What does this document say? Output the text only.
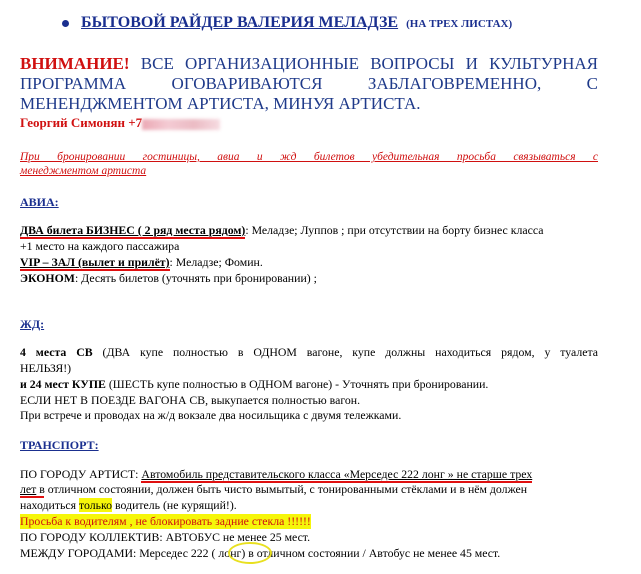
БЫТОВОЙ РАЙДЕР ВАЛЕРИЯ МЕЛАДЗЕ (НА ТРЕХ ЛИСТАХ)
ВНИМАНИЕ! ВСЕ ОРГАНИЗАЦИОННЫЕ ВОПРОСЫ И КУЛЬТУРНАЯ
ПРОГРАММА ОГОВАРИВАЮТСЯ ЗАБЛАГОВРЕМЕННО, С
МЕНЕНДЖМЕНТОМ АРТИСТА, МИНУЯ АРТИСТА.
Георгий Симонян +7
При бронировании гостиницы, авиа и жд билетов убедительная просьба связываться с
менеджментом артиста
АВИА:
ДВА билета БИЗНЕС ( 2 ряд места рядом): Меладзе; Луппов ; при отсутствии на борту бизнес класса
+1 место на каждого пассажира
VIP – ЗАЛ (вылет и прилёт): Меладзе; Фомин.
ЭКОНОМ: Десять билетов (уточнять при бронировании) ;
ЖД:
4 места СВ (ДВА купе полностью в ОДНОМ вагоне, купе должны находиться рядом, у туалета
НЕЛЬЗЯ!)
и 24 мест КУПЕ (ШЕСТЬ купе полностью в ОДНОМ вагоне) - Уточнять при бронировании.
ЕСЛИ НЕТ В ПОЕЗДЕ ВАГОНА СВ, выкупается полностью вагон.
При встрече и проводах на ж/д вокзале два носильщика с двумя тележками.
ТРАНСПОРТ:
ПО ГОРОДУ АРТИСТ: Автомобиль представительского класса «Мерседес 222 лонг » не старше трех
лет в отличном состоянии, должен быть чисто вымытый, с тонированными стёклами и в нём должен
находиться только водитель (не курящий!).
Просьба к водителям , не блокировать задние стекла !!!!!!
ПО ГОРОДУ КОЛЛЕКТИВ: АВТОБУС не менее 25 мест.
МЕЖДУ ГОРОДАМИ: Мерседес 222 ( лонг) в отличном состоянии / Автобус не менее 45 мест.
